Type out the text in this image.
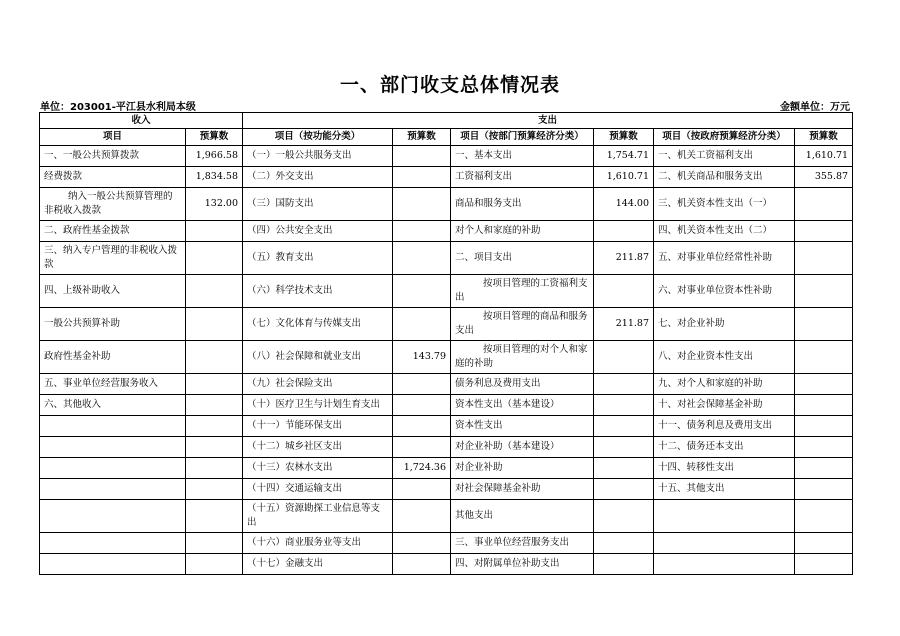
一、部门收支总体情况表
单位：203001-平江县水利局本级	金额单位：万元
收入		支出					
项目	预算数	项目（按功能分类）	预算数	项目（按部门预算经济分类）	预算数	项目（按政府预算经济分类）	预算数
一、一般公共预算拨款	1,966.58	（一）一般公共服务支出		一、基本支出	1,754.71	一、机关工资福利支出	1,610.71
经费拨款	1,834.58	（二）外交支出		工资福利支出	1,610.71	二、机关商品和服务支出	355.87

纳入一般公共预算管理的非税收入拨款	132.00	（三）国防支出		商品和服务支出	144.00	三、机关资本性支出（一）	
二、政府性基金拨款		（四）公共安全支出		对个人和家庭的补助		四、机关资本性支出（二）	
三、纳入专户管理的非税收入拨款		（五）教育支出		二、项目支出	211.87	五、对事业单位经常性补助	
四、上级补助收入		（六）科学技术支出		按项目管理的工资福利支出		六、对事业单位资本性补助	
一般公共预算补助		（七）文化体育与传媒支出		按项目管理的商品和服务支出	211.87	七、对企业补助	
政府性基金补助		（八）社会保障和就业支出	143.79	按项目管理的对个人和家庭的补助		八、对企业资本性支出	
五、事业单位经营服务收入		（九）社会保险支出		债务利息及费用支出		九、对个人和家庭的补助	
六、其他收入		（十）医疗卫生与计划生育支出		资本性支出（基本建设）		十、对社会保障基金补助	
		（十一）节能环保支出		资本性支出		十一、债务利息及费用支出	
		（十二）城乡社区支出		对企业补助（基本建设）		十二、债务还本支出	
		（十三）农林水支出	1,724.36	对企业补助		十四、转移性支出	
		（十四）交通运输支出		对社会保障基金补助		十五、其他支出	
		（十五）资源勘探工业信息等支出		其他支出			
		（十六）商业服务业等支出		三、事业单位经营服务支出			
		（十七）金融支出		四、对附属单位补助支出			
